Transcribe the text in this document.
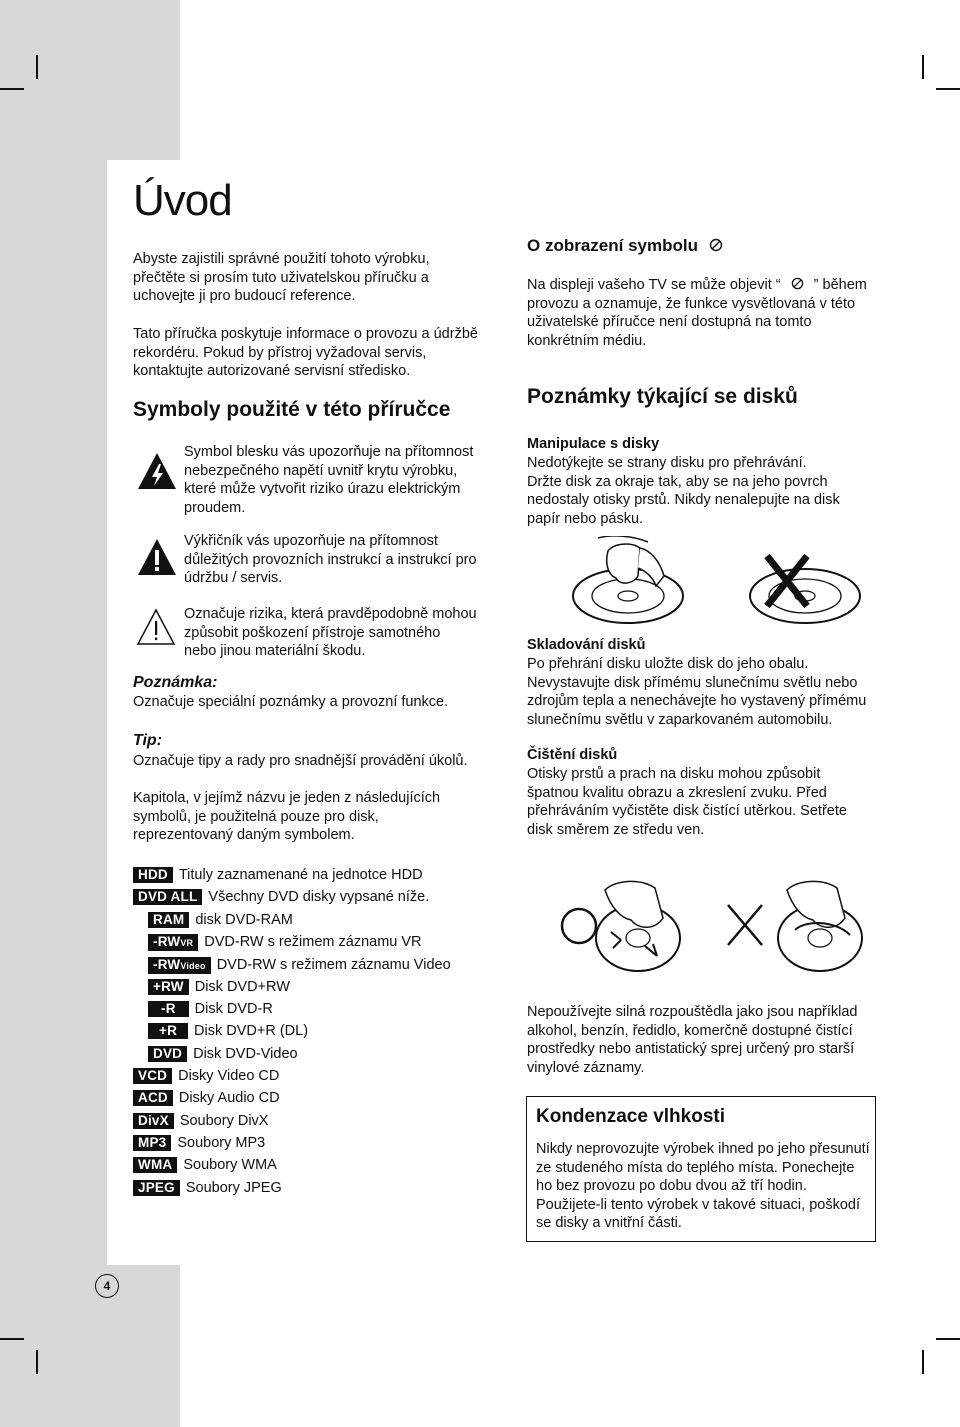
Úvod
Abyste zajistili správné použití tohoto výrobku,
přečtěte si prosím tuto uživatelskou příručku a
uchovejte ji pro budoucí reference.
Tato příručka poskytuje informace o provozu a údržbě
rekordéru. Pokud by přístroj vyžadoval servis,
kontaktujte autorizované servisní středisko.
Symboly použité v této příručce
Symbol blesku vás upozorňuje na přítomnost
nebezpečného napětí uvnitř krytu výrobku,
které může vytvořit riziko úrazu elektrickým
proudem.
Výkřičník vás upozorňuje na přítomnost
důležitých provozních instrukcí a instrukcí pro
údržbu / servis.
Označuje rizika, která pravděpodobně mohou
způsobit poškození přístroje samotného
nebo jinou materiální škodu.
Poznámka:
Označuje speciální poznámky a provozní funkce.
Tip:
Označuje tipy a rady pro snadnější provádění úkolů.
Kapitola, v jejímž názvu je jeden z následujících
symbolů, je použitelná pouze pro disk,
reprezentovaný daným symbolem.
HDD Tituly zaznamenané na jednotce HDD
DVD ALL Všechny DVD disky vypsané níže.
RAM disk DVD-RAM
-RWVR DVD-RW s režimem záznamu VR
-RWVideo DVD-RW s režimem záznamu Video
+RW Disk DVD+RW
-R Disk DVD-R
+R Disk DVD+R (DL)
DVD Disk DVD-Video
VCD Disky Video CD
ACD Disky Audio CD
DivX Soubory DivX
MP3 Soubory MP3
WMA Soubory WMA
JPEG Soubory JPEG
O zobrazení symbolu
Na displeji vašeho TV se může objevit “ ” během
provozu a oznamuje, že funkce vysvětlovaná v této
uživatelské příručce není dostupná na tomto
konkrétním médiu.
Poznámky týkající se disků
Manipulace s disky
Nedotýkejte se strany disku pro přehrávání.
Držte disk za okraje tak, aby se na jeho povrch
nedostaly otisky prstů. Nikdy nenalepujte na disk
papír nebo pásku.
Skladování disků
Po přehrání disku uložte disk do jeho obalu.
Nevystavujte disk přímému slunečnímu světlu nebo
zdrojům tepla a nenechávejte ho vystavený přímému
slunečnímu světlu v zaparkovaném automobilu.
Čištění disků
Otisky prstů a prach na disku mohou způsobit
špatnou kvalitu obrazu a zkreslení zvuku. Před
přehráváním vyčistěte disk čistící utěrkou. Setřete
disk směrem ze středu ven.
Nepoužívejte silná rozpouštědla jako jsou například
alkohol, benzín, ředidlo, komerčně dostupné čistící
prostředky nebo antistatický sprej určený pro starší
vinylové záznamy.
Kondenzace vlhkosti
Nikdy neprovozujte výrobek ihned po jeho přesunutí
ze studeného místa do teplého místa. Ponechejte
ho bez provozu po dobu dvou až tří hodin.
Použijete-li tento výrobek v takové situaci, poškodí
se disky a vnitřní části.
4
